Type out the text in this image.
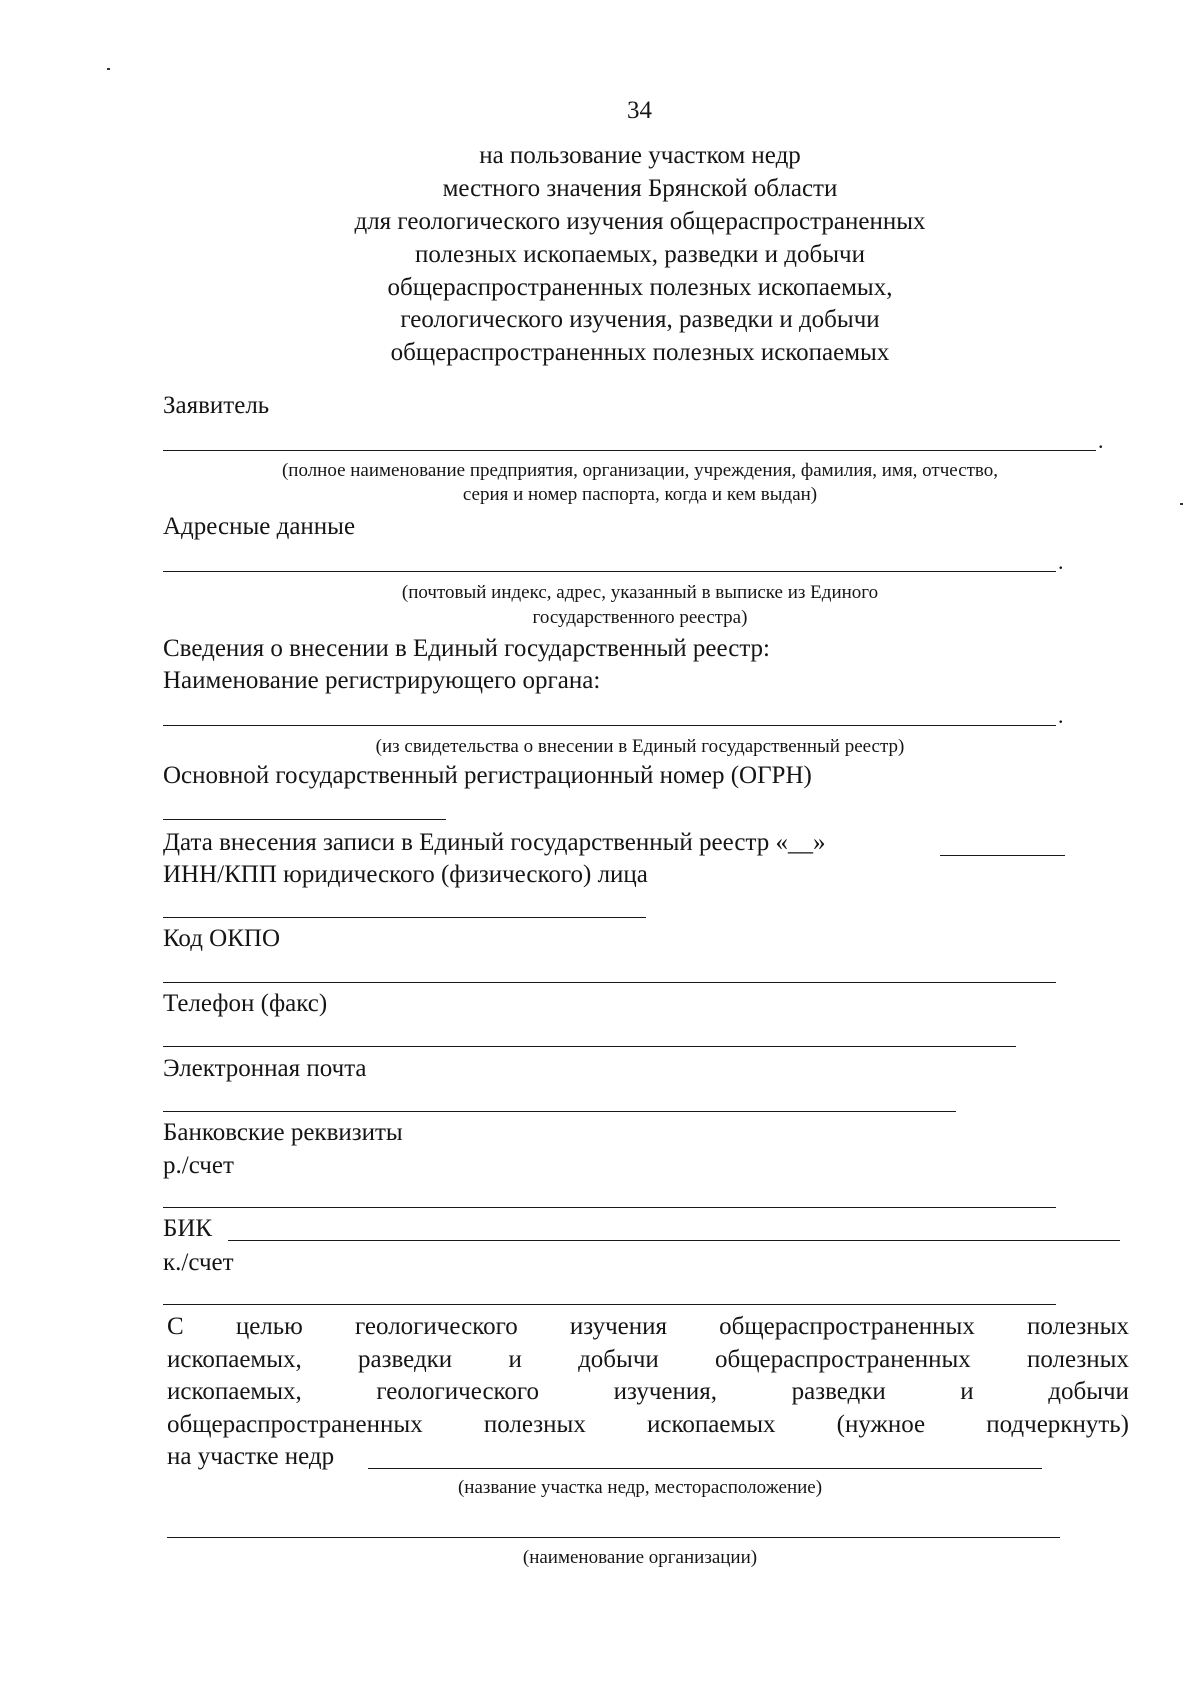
34
на пользование участком недр
местного значения Брянской области
для геологического изучения общераспространенных
полезных ископаемых, разведки и добычи
общераспространенных полезных ископаемых,
геологического изучения, разведки и добычи
общераспространенных полезных ископаемых
Заявитель
.
(полное наименование предприятия, организации, учреждения, фамилия, имя, отчество,
серия и номер паспорта, когда и кем выдан)
Адресные данные
.
(почтовый индекс, адрес, указанный в выписке из Единого
государственного реестра)
Сведения о внесении в Единый государственный реестр:
Наименование регистрирующего органа:
.
(из свидетельства о внесении в Единый государственный реестр)
Основной государственный регистрационный номер (ОГРН)
Дата внесения записи в Единый государственный реестр «__»
ИНН/КПП юридического (физического) лица
Код ОКПО
Телефон (факс)
Электронная почта
Банковские реквизиты
р./счет
БИК
к./счет
С целью геологического изучения общераспространенных полезных
ископаемых, разведки и добычи общераспространенных полезных
ископаемых,	геологического	изучения,	разведки	и	добычи
общераспространенных полезных ископаемых (нужное подчеркнуть)
на участке недр
(название участка недр, месторасположение)
(наименование организации)
